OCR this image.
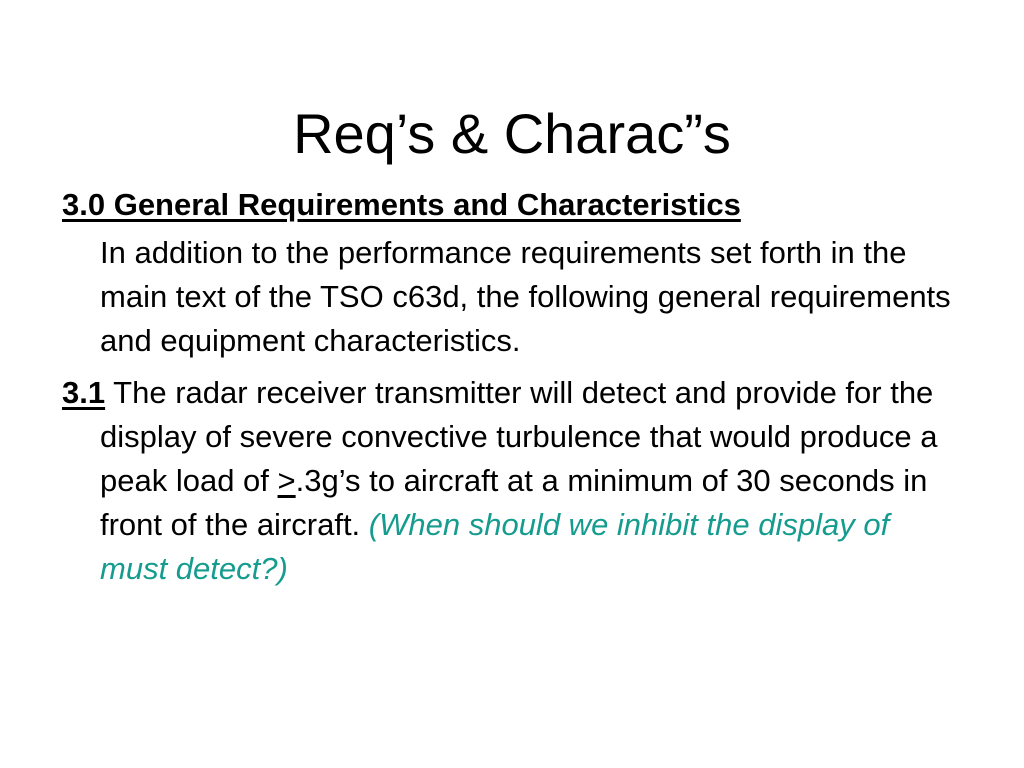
Req’s & Charac”s
3.0 General Requirements and Characteristics

In addition to the performance requirements set forth in the main text of the TSO c63d, the following general requirements and equipment characteristics.

3.1 The radar receiver transmitter will detect and provide for the display of severe convective turbulence that would produce a peak load of ≥.3g’s to aircraft at a minimum of 30 seconds in front of the aircraft. (When should we inhibit the display of must detect?)
